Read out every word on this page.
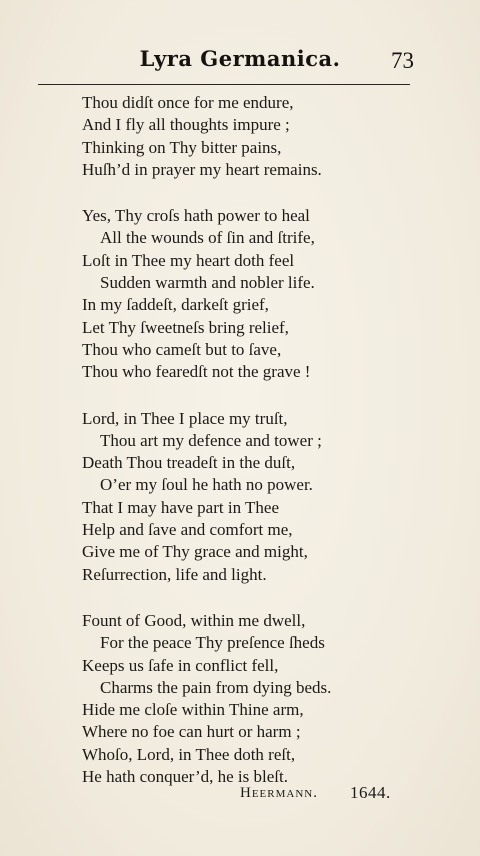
Lyra Germanica.	73
Thou didſt once for me endure,
And I fly all thoughts impure ;
Thinking on Thy bitter pains,
Huſh’d in prayer my heart remains.
Yes, Thy croſs hath power to heal
All the wounds of ſin and ſtrife,
Loſt in Thee my heart doth feel
Sudden warmth and nobler life.
In my ſaddeſt, darkeſt grief,
Let Thy ſweetneſs bring relief,
Thou who cameſt but to ſave,
Thou who fearedſt not the grave !
Lord, in Thee I place my truſt,
Thou art my defence and tower ;
Death Thou treadeſt in the duſt,
O’er my ſoul he hath no power.
That I may have part in Thee
Help and ſave and comfort me,
Give me of Thy grace and might,
Reſurrection, life and light.
Fount of Good, within me dwell,
For the peace Thy preſence ſheds
Keeps us ſafe in conflict fell,
Charms the pain from dying beds.
Hide me cloſe within Thine arm,
Where no foe can hurt or harm ;
Whoſo, Lord, in Thee doth reſt,
He hath conquer’d, he is bleſt.
Heermann. 1644.
